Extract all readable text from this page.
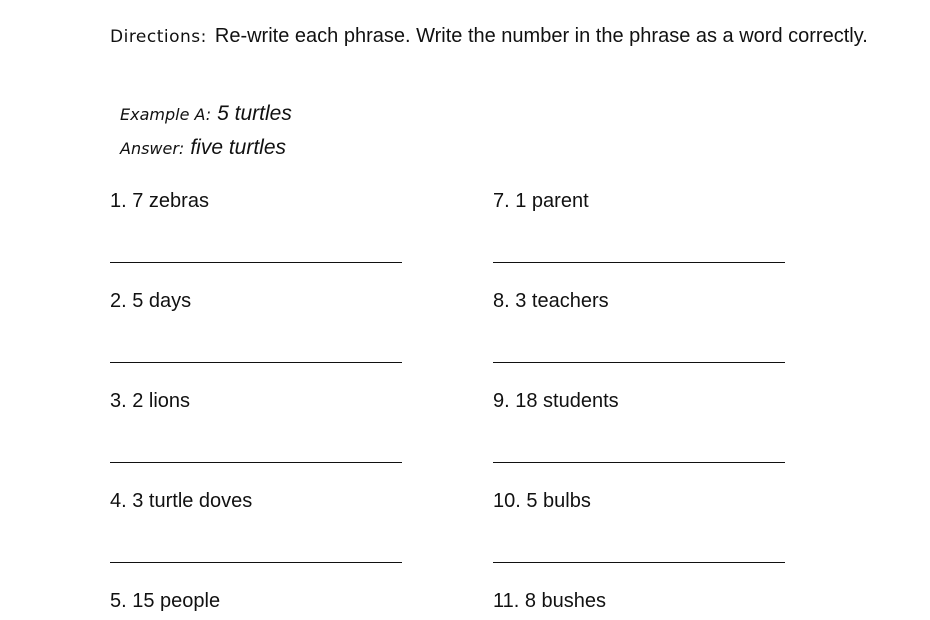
Directions: Re-write each phrase. Write the number in the phrase as a word correctly.
Example A: 5 turtles
Answer: five turtles
1. 7 zebras
2. 5 days
3. 2 lions
4. 3 turtle doves
5. 15 people
7. 1 parent
8. 3 teachers
9. 18 students
10. 5 bulbs
11. 8 bushes
